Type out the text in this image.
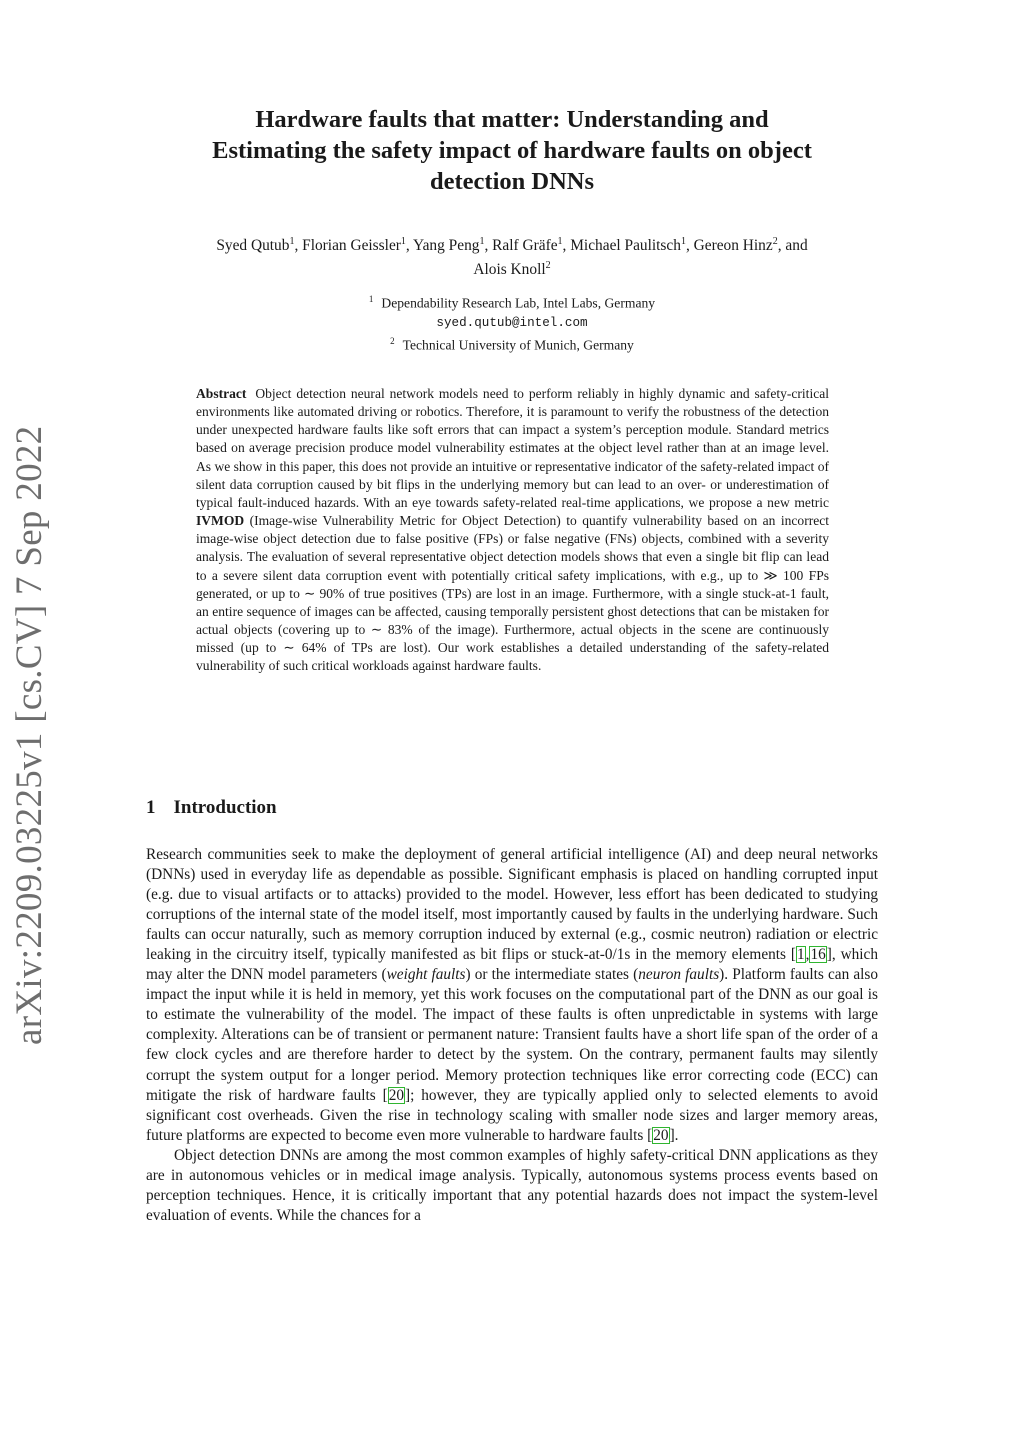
arXiv:2209.03225v1 [cs.CV] 7 Sep 2022
Hardware faults that matter: Understanding and
Estimating the safety impact of hardware faults on object
detection DNNs
Syed Qutub$^1$, Florian Geissler$^1$, Yang Peng$^1$, Ralf Gräfe$^1$, Michael Paulitsch$^1$, Gereon Hinz$^2$, and
Alois Knoll$^2$
$^1$ Dependability Research Lab, Intel Labs, Germany
syed.qutub@intel.com
$^2$ Technical University of Munich, Germany
Abstract Object detection neural network models need to perform reliably in highly dynamic and safety-critical environments like automated driving or robotics. Therefore, it is paramount to verify the robustness of the detection under unexpected hardware faults like soft errors that can impact a system’s perception module. Standard metrics based on average precision produce model vulnerability estimates at the object level rather than at an image level. As we show in this paper, this does not provide an intuitive or representative indicator of the safety-related impact of silent data corruption caused by bit flips in the underlying memory but can lead to an over- or underestimation of typical fault-induced hazards. With an eye towards safety-related real-time applications, we propose a new metric IVMOD (Image-wise Vulnerability Metric for Object Detection) to quantify vulnerability based on an incorrect image-wise object detection due to false positive (FPs) or false negative (FNs) objects, combined with a severity analysis. The evaluation of several representative object detection models shows that even a single bit flip can lead to a severe silent data corruption event with potentially critical safety implications, with e.g., up to ≫ 100 FPs generated, or up to ∼ 90% of true positives (TPs) are lost in an image. Furthermore, with a single stuck-at-1 fault, an entire sequence of images can be affected, causing temporally persistent ghost detections that can be mistaken for actual objects (covering up to ∼ 83% of the image). Furthermore, actual objects in the scene are continuously missed (up to ∼ 64% of TPs are lost). Our work establishes a detailed understanding of the safety-related vulnerability of such critical workloads against hardware faults.
1 Introduction

Research communities seek to make the deployment of general artificial intelligence (AI) and deep neural networks (DNNs) used in everyday life as dependable as possible. Significant emphasis is placed on handling corrupted input (e.g. due to visual artifacts or to attacks) provided to the model. However, less effort has been dedicated to studying corruptions of the internal state of the model itself, most importantly caused by faults in the underlying hardware. Such faults can occur naturally, such as memory corruption induced by external (e.g., cosmic neutron) radiation or electric leaking in the circuitry itself, typically manifested as bit flips or stuck-at-0/1s in the memory elements [1,16], which may alter the DNN model parameters (weight faults) or the intermediate states (neuron faults). Platform faults can also impact the input while it is held in memory, yet this work focuses on the computational part of the DNN as our goal is to estimate the vulnerability of the model. The impact of these faults is often unpredictable in systems with large complexity. Alterations can be of transient or permanent nature: Transient faults have a short life span of the order of a few clock cycles and are therefore harder to detect by the system. On the contrary, permanent faults may silently corrupt the system output for a longer period. Memory protection techniques like error correcting code (ECC) can mitigate the risk of hardware faults [20]; however, they are typically applied only to selected elements to avoid significant cost overheads. Given the rise in technology scaling with smaller node sizes and larger memory areas, future platforms are expected to become even more vulnerable to hardware faults [20].

Object detection DNNs are among the most common examples of highly safety-critical DNN applications as they are in autonomous vehicles or in medical image analysis. Typically, autonomous systems process events based on perception techniques. Hence, it is critically important that any potential hazards does not impact the system-level evaluation of events. While the chances for a
